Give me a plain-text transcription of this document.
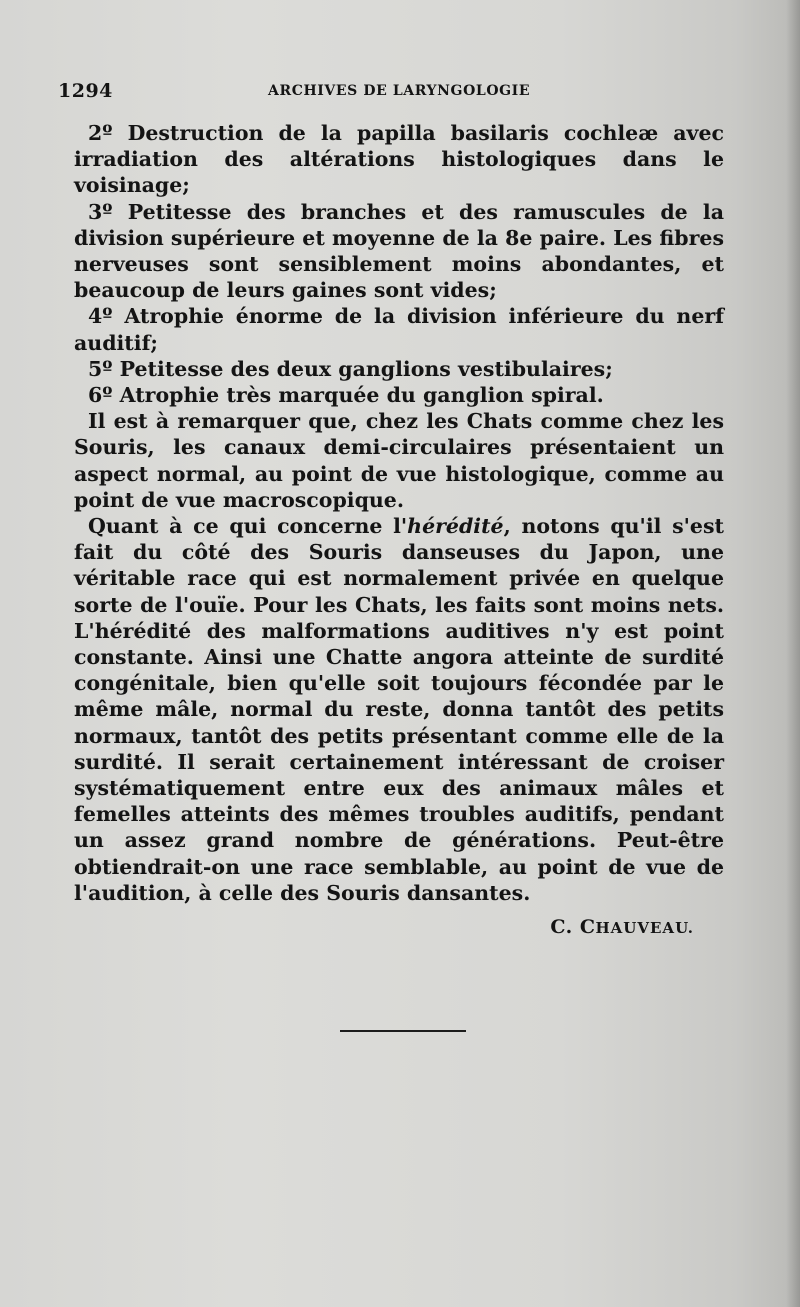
1294	ARCHIVES DE LARYNGOLOGIE

2º Destruction de la papilla basilaris cochleæ avec irradiation des altérations histologiques dans le voisinage;

3º Petitesse des branches et des ramuscules de la division supérieure et moyenne de la 8e paire. Les fibres nerveuses sont sensiblement moins abondantes, et beaucoup de leurs gaines sont vides;

4º Atrophie énorme de la division inférieure du nerf auditif;

5º Petitesse des deux ganglions vestibulaires;

6º Atrophie très marquée du ganglion spiral.

Il est à remarquer que, chez les Chats comme chez les Souris, les canaux demi-circulaires présentaient un aspect normal, au point de vue histologique, comme au point de vue macroscopique.

Quant à ce qui concerne l'hérédité, notons qu'il s'est fait du côté des Souris danseuses du Japon, une véritable race qui est normalement privée en quelque sorte de l'ouïe. Pour les Chats, les faits sont moins nets. L'hérédité des malformations auditives n'y est point constante. Ainsi une Chatte angora atteinte de surdité congénitale, bien qu'elle soit toujours fécondée par le même mâle, normal du reste, donna tantôt des petits normaux, tantôt des petits présentant comme elle de la surdité. Il serait certainement intéressant de croiser systématiquement entre eux des animaux mâles et femelles atteints des mêmes troubles auditifs, pendant un assez grand nombre de générations. Peut-être obtiendrait-on une race semblable, au point de vue de l'audition, à celle des Souris dansantes.

C. CHAUVEAU.
